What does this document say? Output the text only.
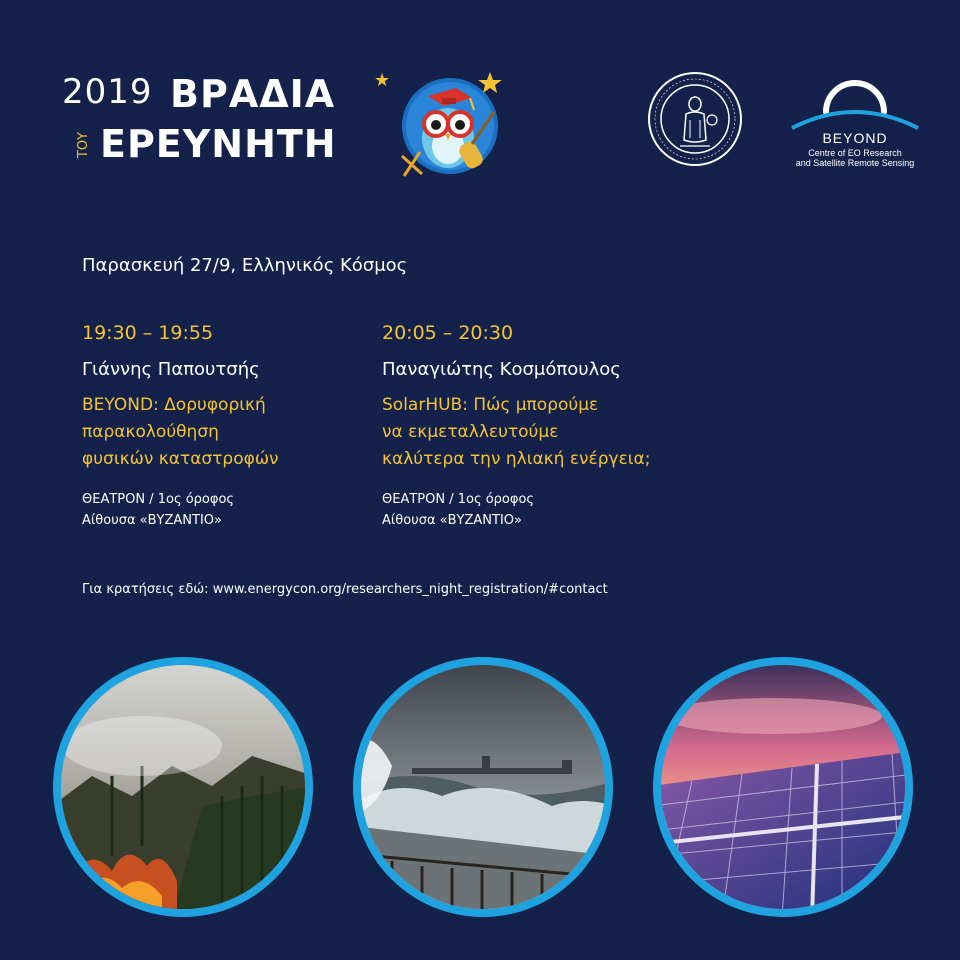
2019 ΒΡΑΔΙΑ ★
ΤΟΥ ΕΡΕΥΝΗΤΗ	BEYOND
Centre of EO Research
and Satellite Remote Sensing
Παρασκευή 27/9, Ελληνικός Κόσμος
19:30 – 19:55
Γιάννης Παπουτσής
BEYOND: Δορυφορική
παρακολούθηση
φυσικών καταστροφών
ΘΕΑΤΡΟΝ / 1ος όροφος
Αίθουσα «ΒΥΖΑΝΤΙΟ»
20:05 – 20:30
Παναγιώτης Κοσμόπουλος
SolarHUB: Πώς μπορούμε
να εκμεταλλευτούμε
καλύτερα την ηλιακή ενέργεια;
ΘΕΑΤΡΟΝ / 1ος όροφος
Αίθουσα «ΒΥΖΑΝΤΙΟ»
Για κρατήσεις εδώ: www.energycon.org/researchers_night_registration/#contact
